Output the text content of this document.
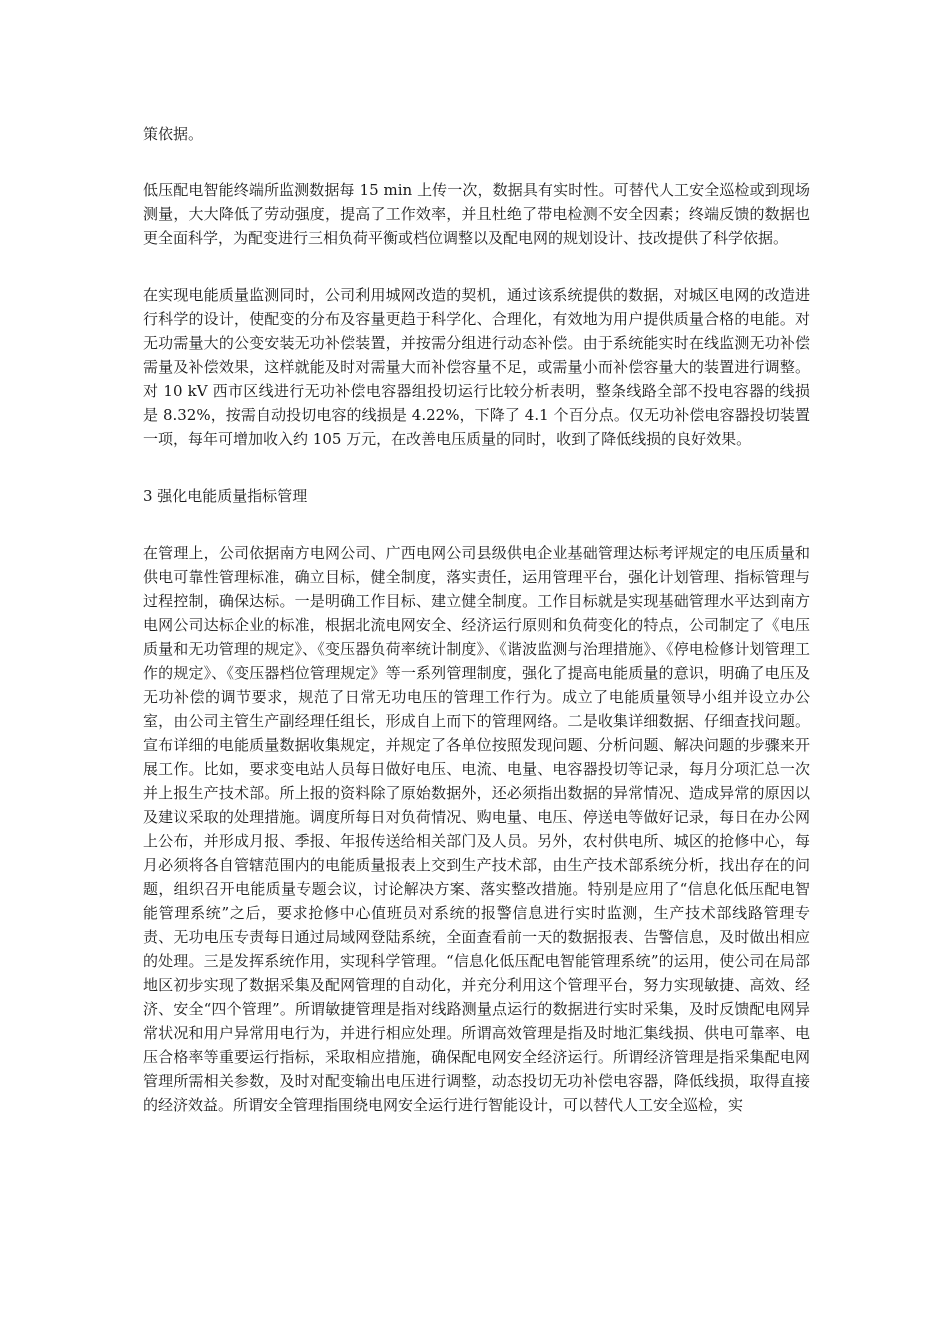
策依据。

低压配电智能终端所监测数据每 15 min 上传一次，数据具有实时性。可替代人工安全巡检或到现场测量，大大降低了劳动强度，提高了工作效率，并且杜绝了带电检测不安全因素；终端反馈的数据也更全面科学，为配变进行三相负荷平衡或档位调整以及配电网的规划设计、技改提供了科学依据。

在实现电能质量监测同时，公司利用城网改造的契机，通过该系统提供的数据，对城区电网的改造进行科学的设计，使配变的分布及容量更趋于科学化、合理化，有效地为用户提供质量合格的电能。对无功需量大的公变安装无功补偿装置，并按需分组进行动态补偿。由于系统能实时在线监测无功补偿需量及补偿效果，这样就能及时对需量大而补偿容量不足，或需量小而补偿容量大的装置进行调整。对 10 kV 西市区线进行无功补偿电容器组投切运行比较分析表明，整条线路全部不投电容器的线损是 8.32%，按需自动投切电容的线损是 4.22%，下降了 4.1 个百分点。仅无功补偿电容器投切装置一项，每年可增加收入约 105 万元，在改善电压质量的同时，收到了降低线损的良好效果。

3 强化电能质量指标管理

在管理上，公司依据南方电网公司、广西电网公司县级供电企业基础管理达标考评规定的电压质量和供电可靠性管理标准，确立目标，健全制度，落实责任，运用管理平台，强化计划管理、指标管理与过程控制，确保达标。一是明确工作目标、建立健全制度。工作目标就是实现基础管理水平达到南方电网公司达标企业的标准，根据北流电网安全、经济运行原则和负荷变化的特点，公司制定了《电压质量和无功管理的规定》、《变压器负荷率统计制度》、《谐波监测与治理措施》、《停电检修计划管理工作的规定》、《变压器档位管理规定》等一系列管理制度，强化了提高电能质量的意识，明确了电压及无功补偿的调节要求，规范了日常无功电压的管理工作行为。成立了电能质量领导小组并设立办公室，由公司主管生产副经理任组长，形成自上而下的管理网络。二是收集详细数据、仔细查找问题。宣布详细的电能质量数据收集规定，并规定了各单位按照发现问题、分析问题、解决问题的步骤来开展工作。比如，要求变电站人员每日做好电压、电流、电量、电容器投切等记录，每月分项汇总一次并上报生产技术部。所上报的资料除了原始数据外，还必须指出数据的异常情况、造成异常的原因以及建议采取的处理措施。调度所每日对负荷情况、购电量、电压、停送电等做好记录，每日在办公网上公布，并形成月报、季报、年报传送给相关部门及人员。另外，农村供电所、城区的抢修中心，每月必须将各自管辖范围内的电能质量报表上交到生产技术部，由生产技术部系统分析，找出存在的问题，组织召开电能质量专题会议，讨论解决方案、落实整改措施。特别是应用了“信息化低压配电智能管理系统”之后，要求抢修中心值班员对系统的报警信息进行实时监测，生产技术部线路管理专责、无功电压专责每日通过局域网登陆系统，全面查看前一天的数据报表、告警信息，及时做出相应的处理。三是发挥系统作用，实现科学管理。“信息化低压配电智能管理系统”的运用，使公司在局部地区初步实现了数据采集及配网管理的自动化，并充分利用这个管理平台，努力实现敏捷、高效、经济、安全“四个管理”。所谓敏捷管理是指对线路测量点运行的数据进行实时采集，及时反馈配电网异常状况和用户异常用电行为，并进行相应处理。所谓高效管理是指及时地汇集线损、供电可靠率、电压合格率等重要运行指标，采取相应措施，确保配电网安全经济运行。所谓经济管理是指采集配电网管理所需相关参数，及时对配变输出电压进行调整，动态投切无功补偿电容器，降低线损，取得直接的经济效益。所谓安全管理指围绕电网安全运行进行智能设计，可以替代人工安全巡检，实
